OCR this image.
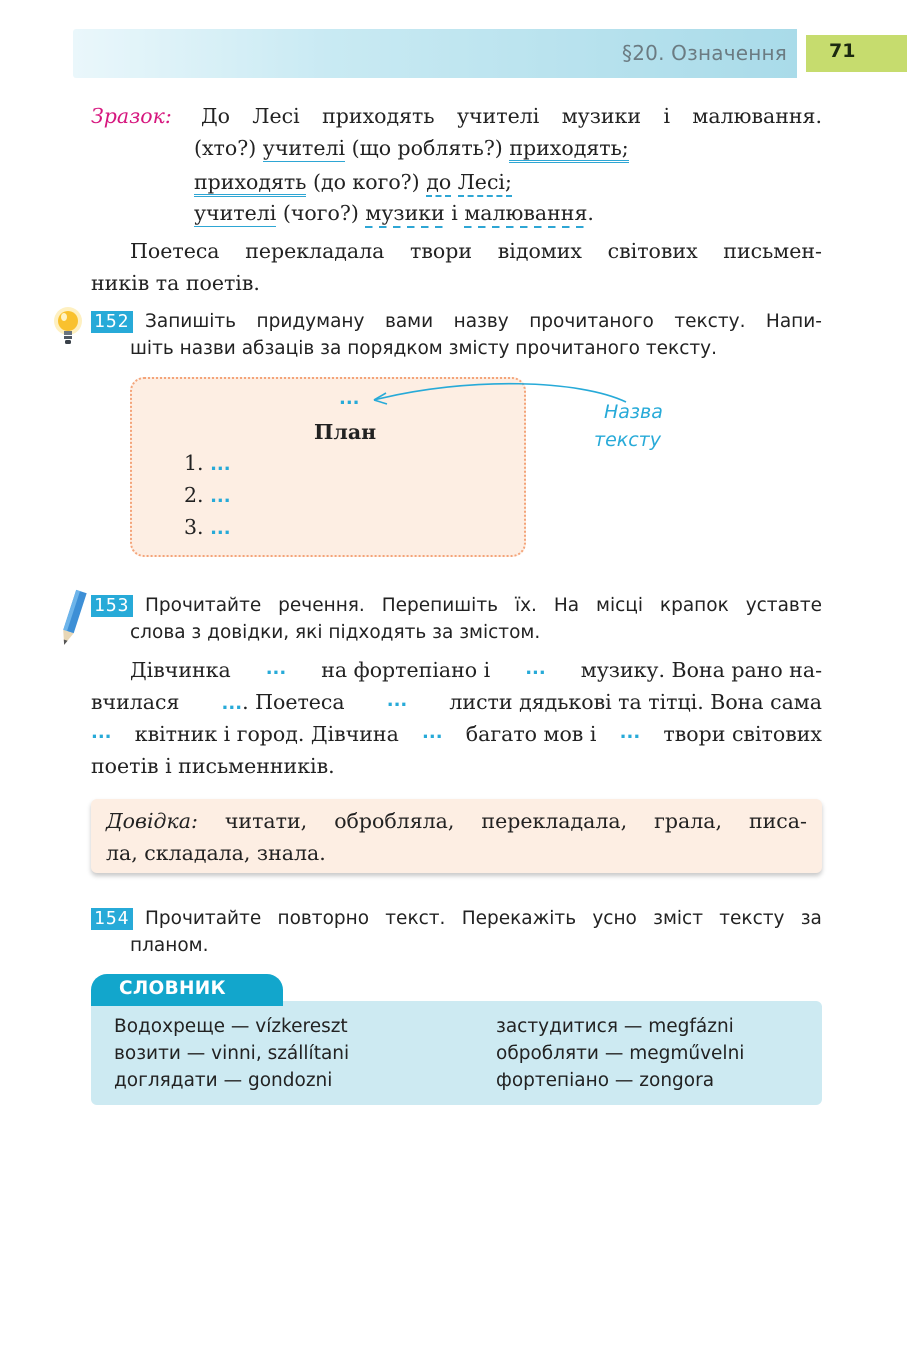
§20. Означення	71
Зразок: До Лесі приходять учителі музики і малювання.
(хто?) учителі (що роблять?) приходять;
приходять (до кого?) до Лесі;
учителі (чого?) музики і малювання.
Поетеса перекладала твори відомих світових письмен-
ників та поетів.
152 Запишіть придуману вами назву прочитаного тексту. Напи-
шіть назви абзаців за порядком змісту прочитаного тексту.
...
План
1. ...
2. ...
3. ...
Назва
тексту
153 Прочитайте речення. Перепишіть їх. На місці крапок уставте
слова з довідки, які підходять за змістом.
Дівчинка ... на фортепіано і ... музику. Вона рано на-
вчилася .... Поетеса ... листи дядькові та тітці. Вона сама
... квітник і город. Дівчина ... багато мов і ... твори світових
поетів і письменників.
Довідка: читати, обробляла, перекладала, грала, писа-
ла, складала, знала.
154 Прочитайте повторно текст. Перекажіть усно зміст тексту за
планом.
СЛОВНИК
Водохреще — vízkereszt
возити — vinni, szállítani
доглядати — gondozni
застудитися — megfázni
обробляти — megművelni
фортепіано — zongora
